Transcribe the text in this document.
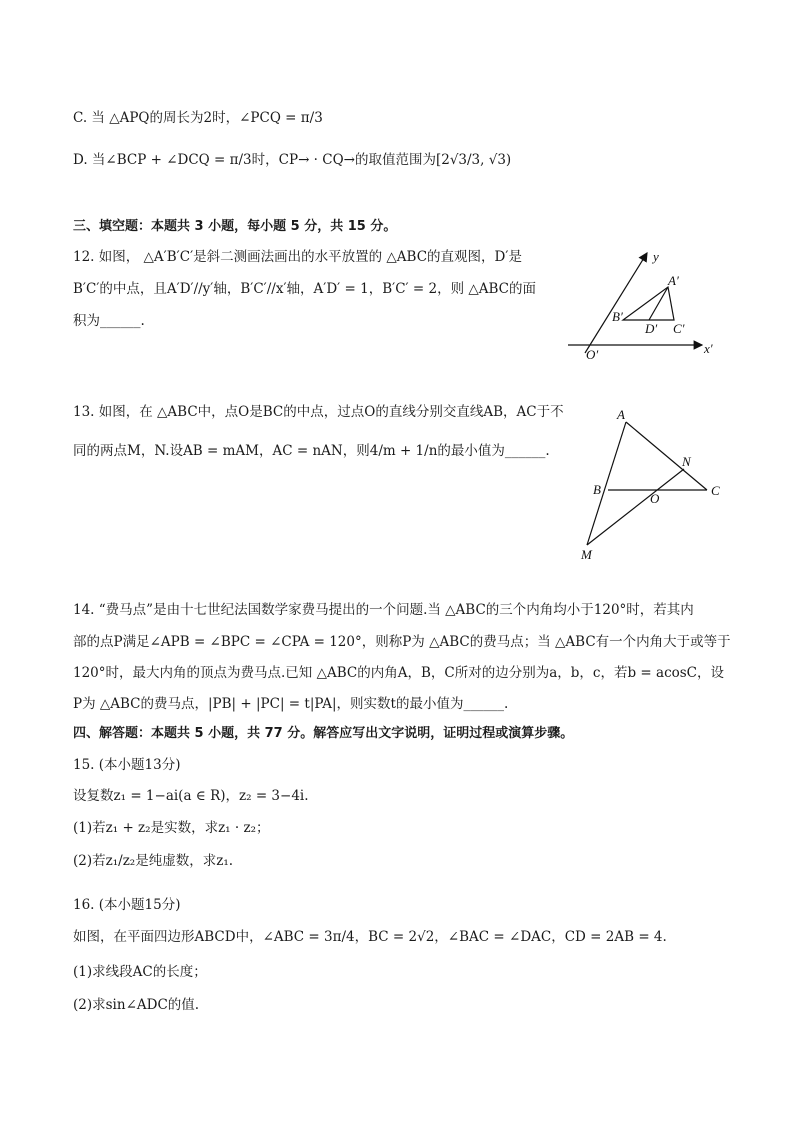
C. 当 △APQ的周长为2时，∠PCQ = π/3
D. 当∠BCP + ∠DCQ = π/3时，CP→ · CQ→的取值范围为[2√3/3, √3)
三、填空题：本题共 3 小题，每小题 5 分，共 15 分。
12. 如图， △A′B′C′是斜二测画法画出的水平放置的 △ABC的直观图，D′是
B′C′的中点，且A′D′//y′轴，B′C′//x′轴，A′D′ = 1，B′C′ = 2，则 △ABC的面
积为______.
y
A′
B′
D′ C′
O′	x′
13. 如图，在 △ABC中，点O是BC的中点，过点O的直线分别交直线AB，AC于不
同的两点M，N.设AB = mAM，AC = nAN，则4/m + 1/n的最小值为______.
A
N
B
O
C
M
14. “费马点”是由十七世纪法国数学家费马提出的一个问题.当 △ABC的三个内角均小于120°时，若其内
部的点P满足∠APB = ∠BPC = ∠CPA = 120°，则称P为 △ABC的费马点；当 △ABC有一个内角大于或等于
120°时，最大内角的顶点为费马点.已知 △ABC的内角A，B，C所对的边分别为a，b，c，若b = acosC，设
P为 △ABC的费马点，|PB| + |PC| = t|PA|，则实数t的最小值为______.
四、解答题：本题共 5 小题，共 77 分。解答应写出文字说明，证明过程或演算步骤。
15. (本小题13分)
设复数z₁ = 1−ai(a ∈ R)，z₂ = 3−4i.
(1)若z₁ + z₂是实数，求z₁ · z₂；
(2)若z₁/z₂是纯虚数，求z₁.
16. (本小题15分)
如图，在平面四边形ABCD中，∠ABC = 3π/4，BC = 2√2，∠BAC = ∠DAC，CD = 2AB = 4.
(1)求线段AC的长度；
(2)求sin∠ADC的值.
